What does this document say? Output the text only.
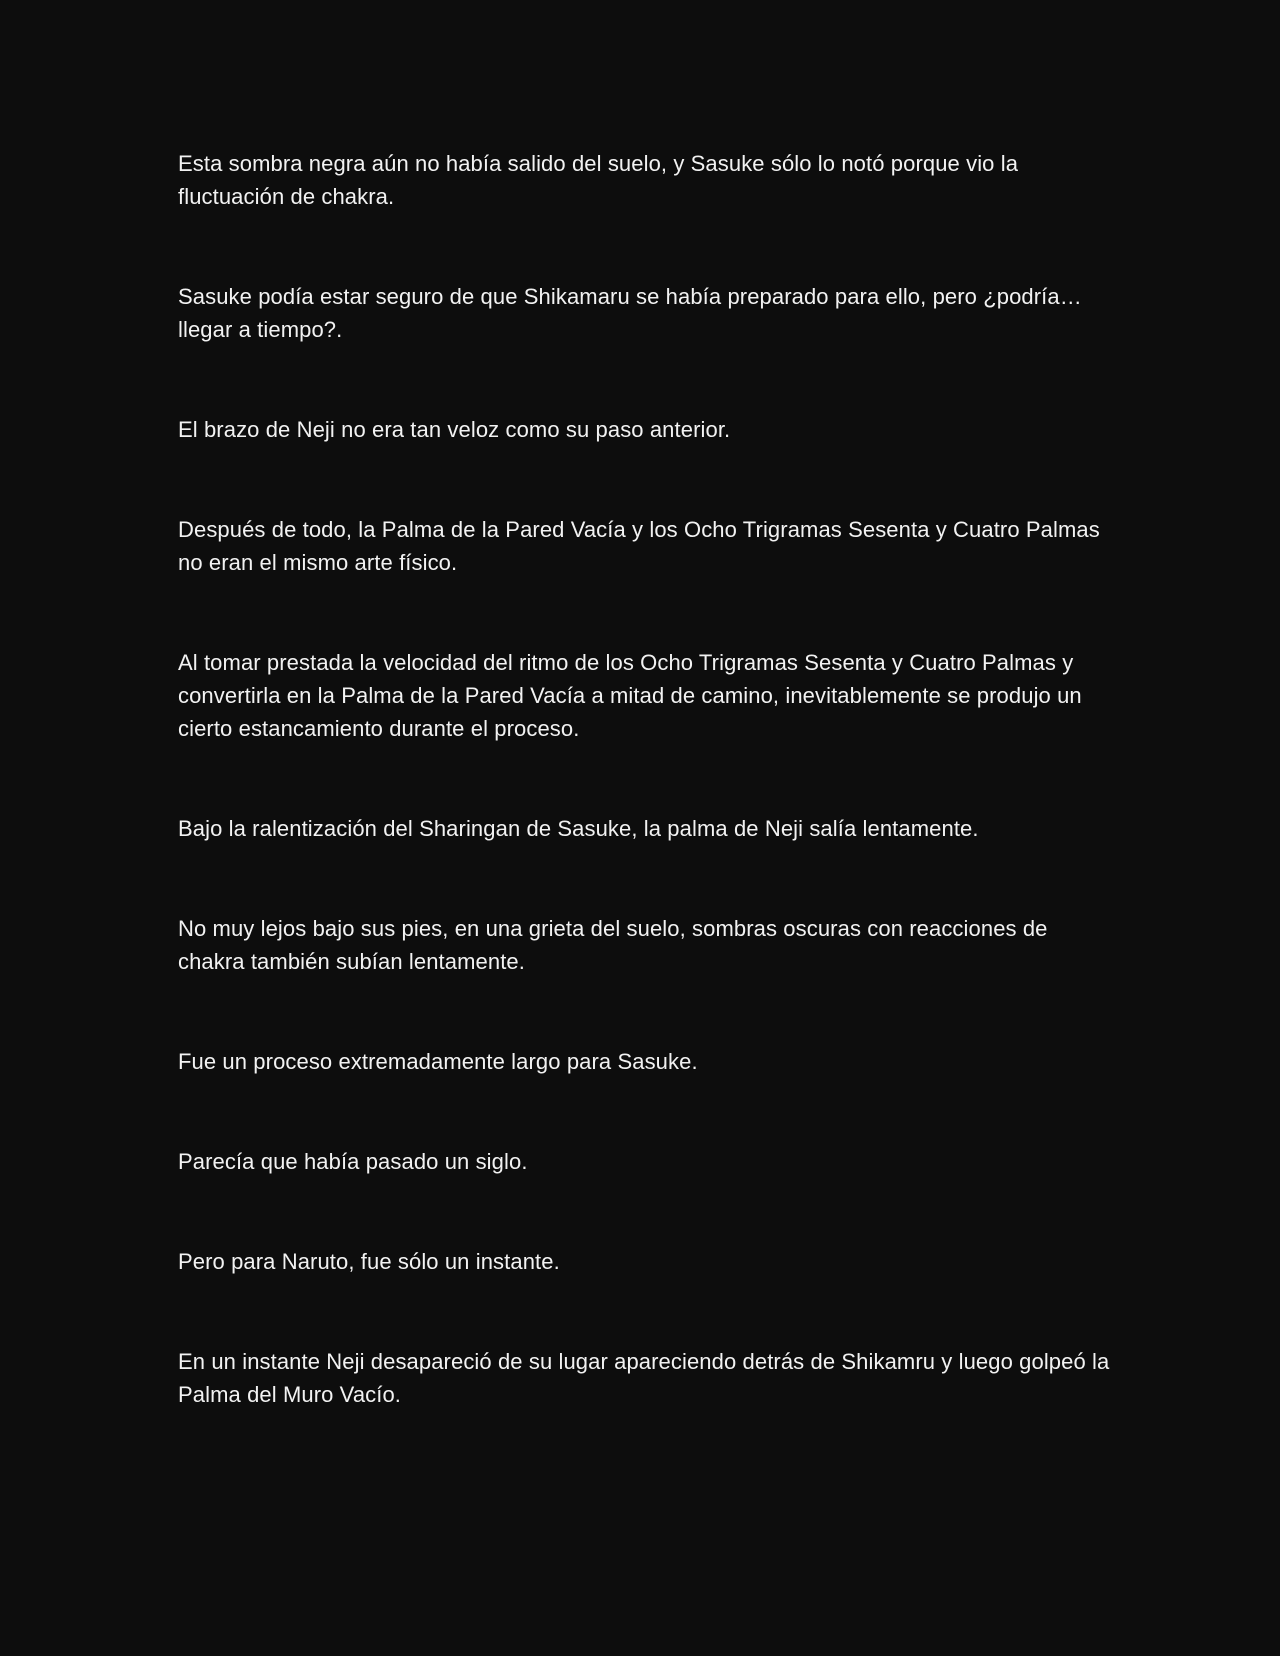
Esta sombra negra aún no había salido del suelo, y Sasuke sólo lo notó porque vio la fluctuación de chakra.

Sasuke podía estar seguro de que Shikamaru se había preparado para ello, pero ¿podría… llegar a tiempo?.

El brazo de Neji no era tan veloz como su paso anterior.

Después de todo, la Palma de la Pared Vacía y los Ocho Trigramas Sesenta y Cuatro Palmas no eran el mismo arte físico.

Al tomar prestada la velocidad del ritmo de los Ocho Trigramas Sesenta y Cuatro Palmas y convertirla en la Palma de la Pared Vacía a mitad de camino, inevitablemente se produjo un cierto estancamiento durante el proceso.

Bajo la ralentización del Sharingan de Sasuke, la palma de Neji salía lentamente.

No muy lejos bajo sus pies, en una grieta del suelo, sombras oscuras con reacciones de chakra también subían lentamente.

Fue un proceso extremadamente largo para Sasuke.

Parecía que había pasado un siglo.

Pero para Naruto, fue sólo un instante.

En un instante Neji desapareció de su lugar apareciendo detrás de Shikamru y luego golpeó la Palma del Muro Vacío.
